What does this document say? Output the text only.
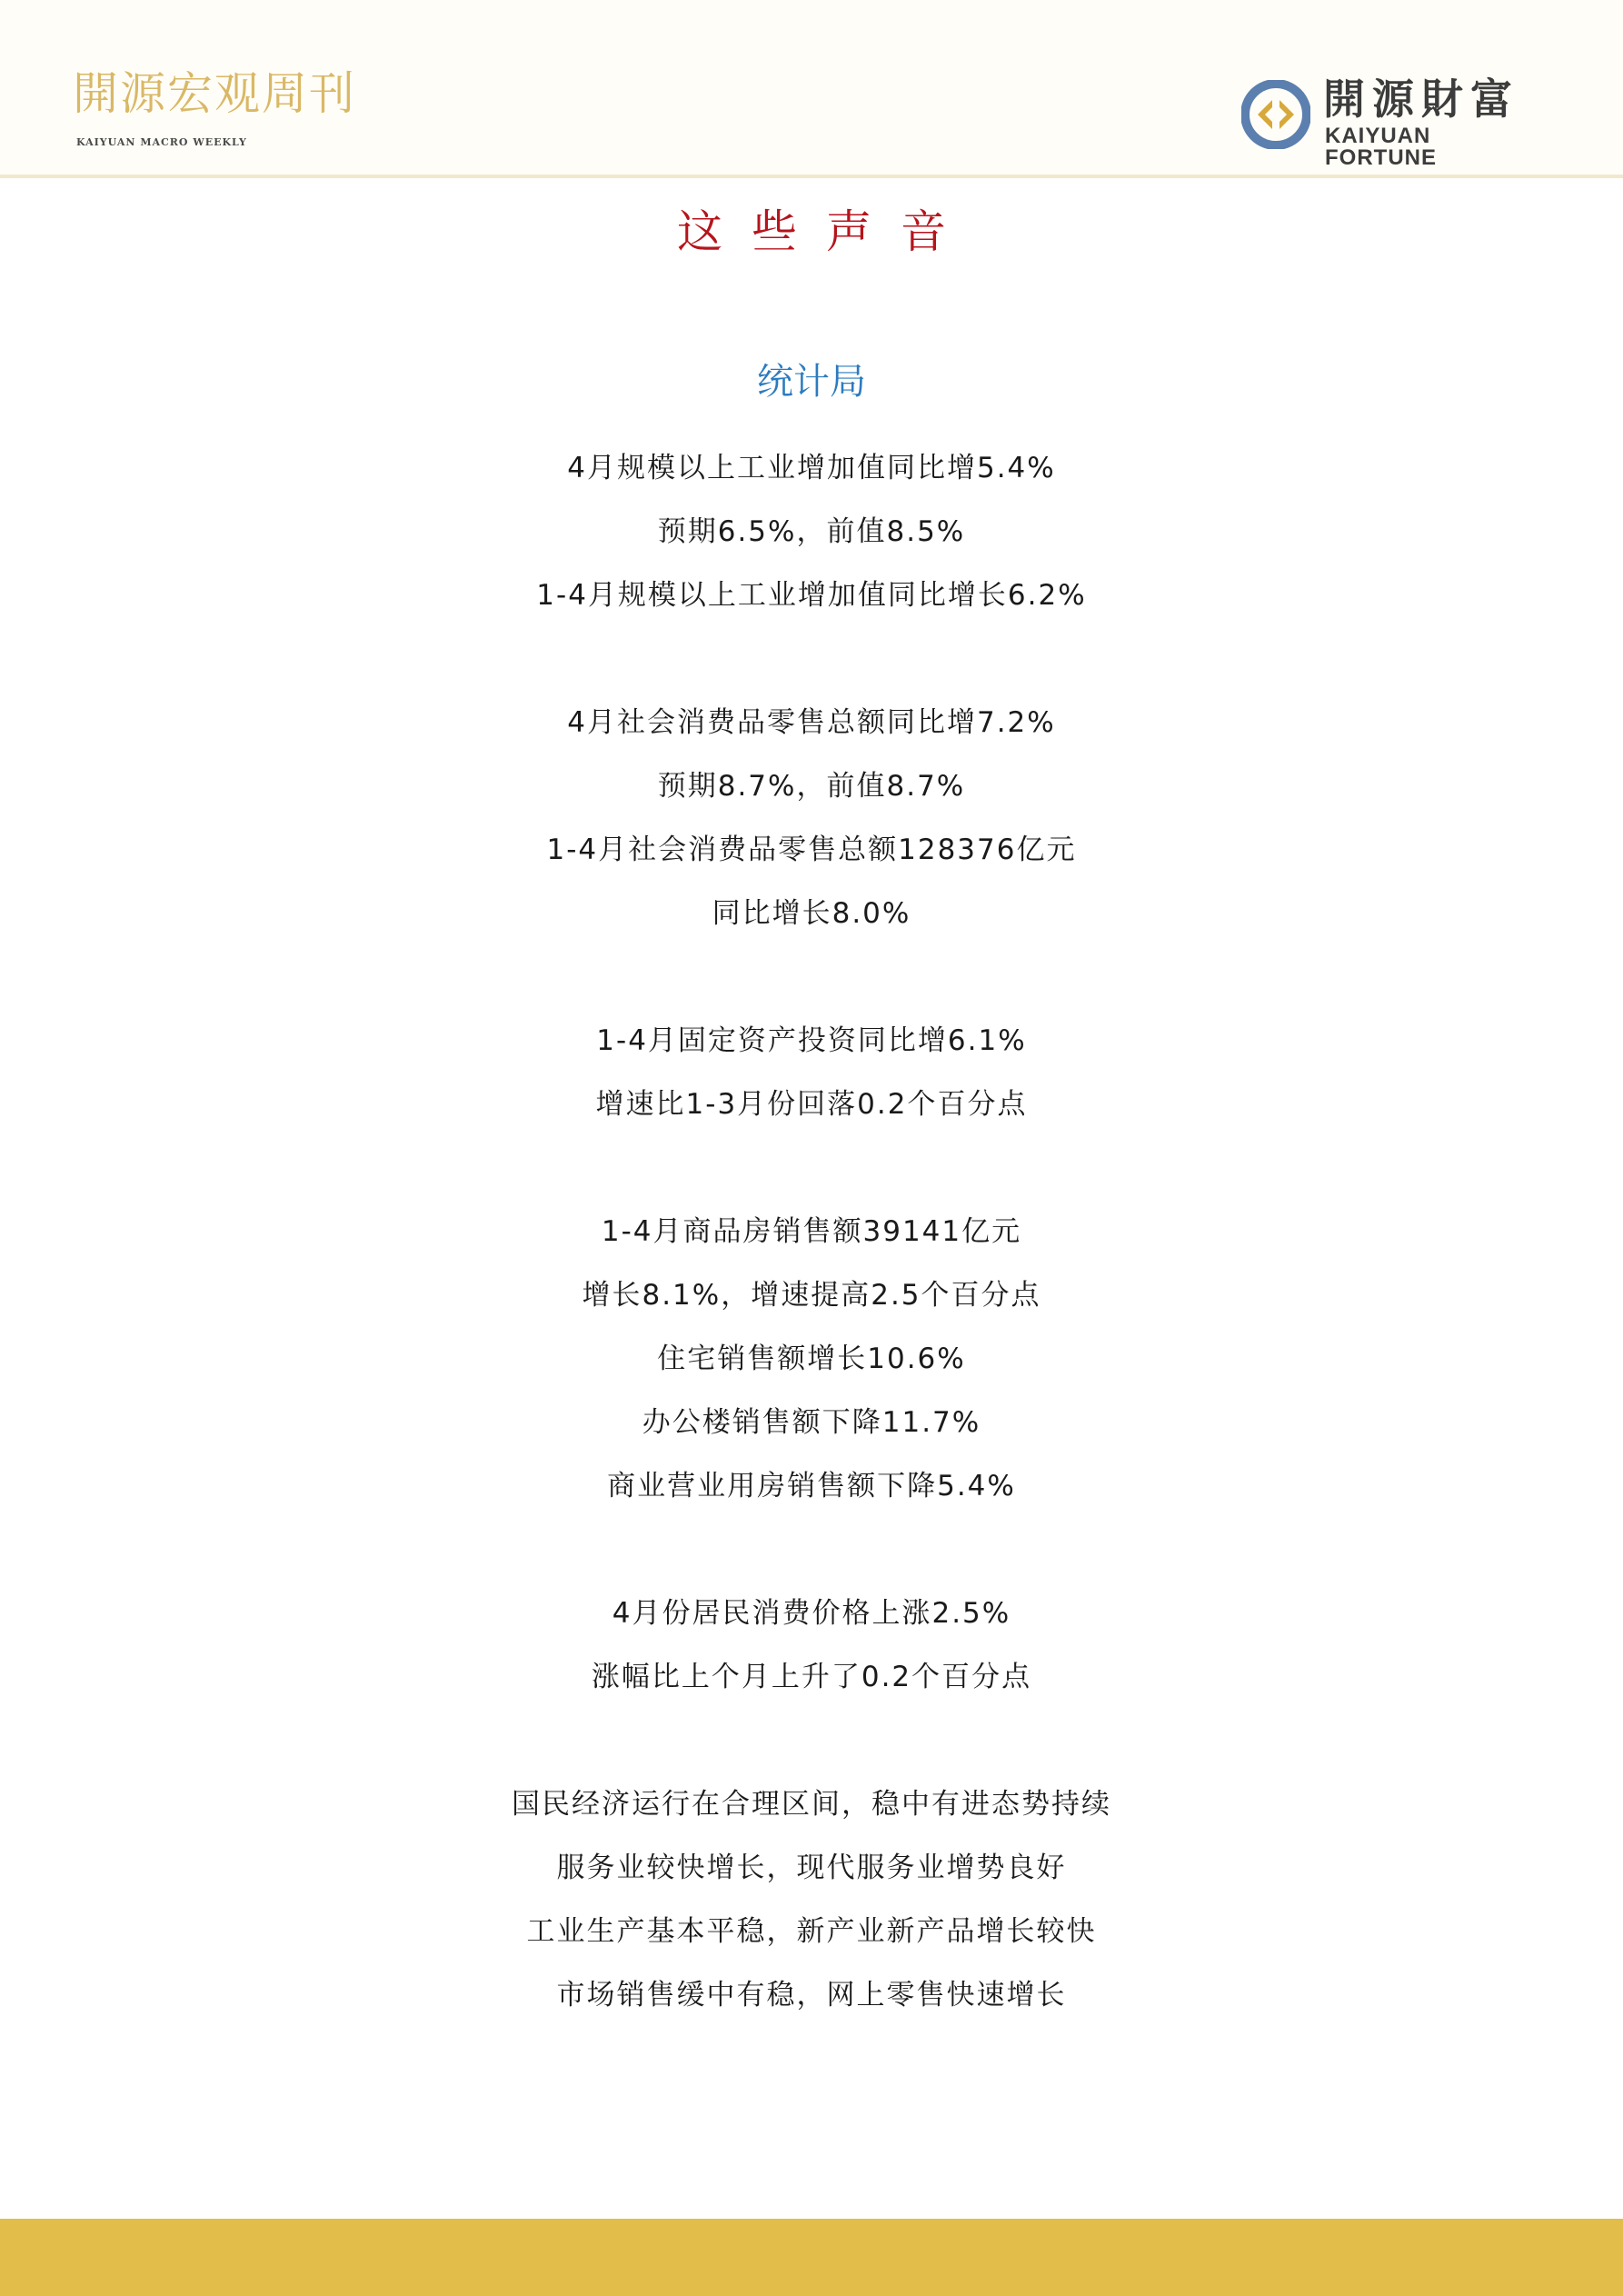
開源宏观周刊
KAIYUAN MACRO WEEKLY
開源財富
KAIYUAN FORTUNE
这些声音
统计局
4月规模以上工业增加值同比增5.4%
预期6.5%，前值8.5%
1-4月规模以上工业增加值同比增长6.2%
4月社会消费品零售总额同比增7.2%
预期8.7%，前值8.7%
1-4月社会消费品零售总额128376亿元
同比增长8.0%
1-4月固定资产投资同比增6.1%
增速比1-3月份回落0.2个百分点
1-4月商品房销售额39141亿元
增长8.1%，增速提高2.5个百分点
住宅销售额增长10.6%
办公楼销售额下降11.7%
商业营业用房销售额下降5.4%
4月份居民消费价格上涨2.5%
涨幅比上个月上升了0.2个百分点
国民经济运行在合理区间，稳中有进态势持续
服务业较快增长，现代服务业增势良好
工业生产基本平稳，新产业新产品增长较快
市场销售缓中有稳，网上零售快速增长
